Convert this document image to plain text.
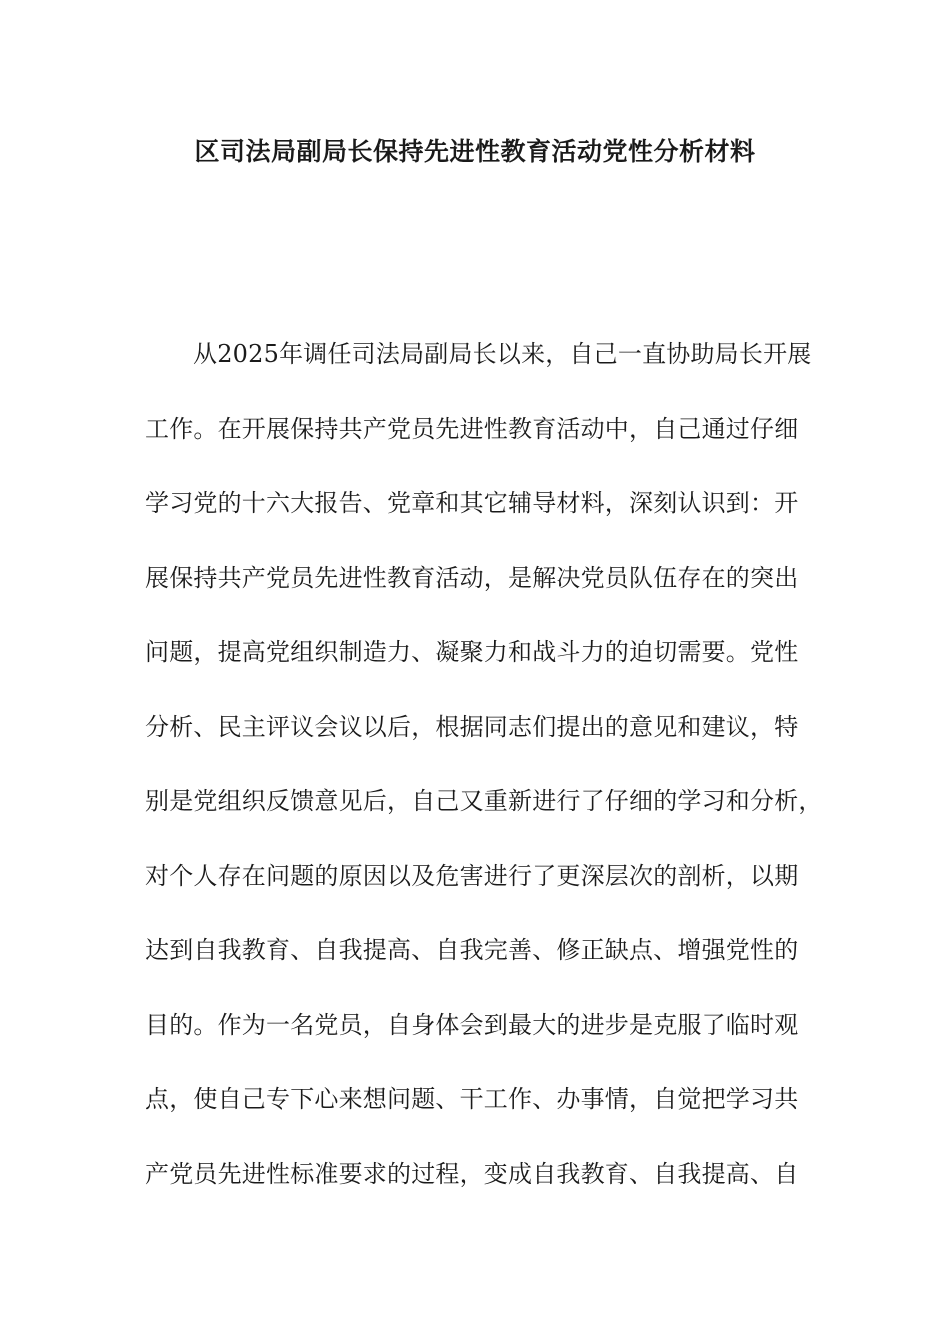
区司法局副局长保持先进性教育活动党性分析材料
从2025年调任司法局副局长以来，自己一直协助局长开展
工作。在开展保持共产党员先进性教育活动中，自己通过仔细
学习党的十六大报告、党章和其它辅导材料，深刻认识到：开
展保持共产党员先进性教育活动，是解决党员队伍存在的突出
问题，提高党组织制造力、凝聚力和战斗力的迫切需要。党性
分析、民主评议会议以后，根据同志们提出的意见和建议，特
别是党组织反馈意见后，自己又重新进行了仔细的学习和分析，
对个人存在问题的原因以及危害进行了更深层次的剖析，以期
达到自我教育、自我提高、自我完善、修正缺点、增强党性的
目的。作为一名党员，自身体会到最大的进步是克服了临时观
点，使自己专下心来想问题、干工作、办事情，自觉把学习共
产党员先进性标准要求的过程，变成自我教育、自我提高、自
